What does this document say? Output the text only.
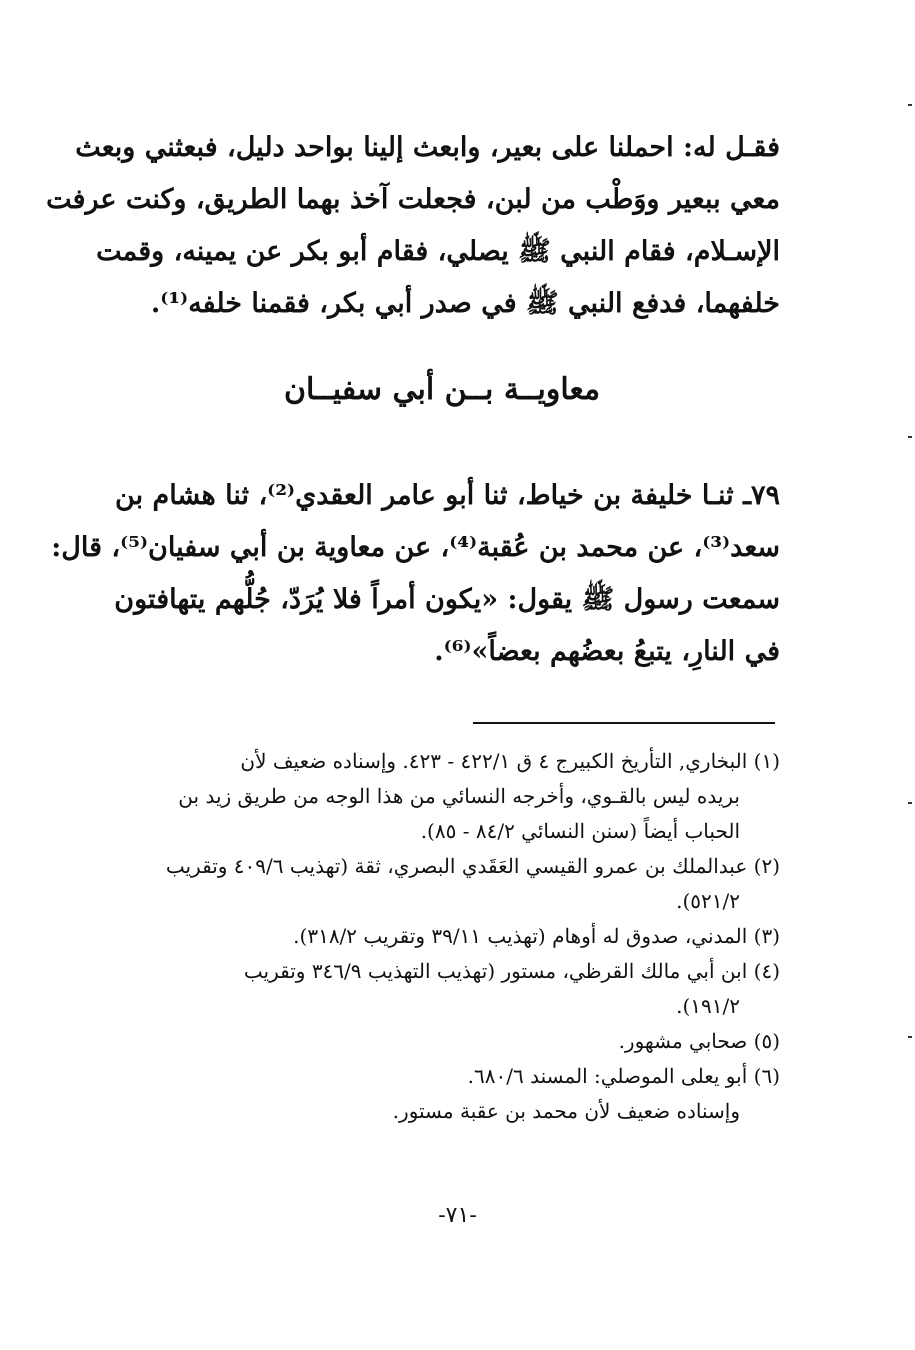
فقـل له: احملنا على بعير، وابعث إلينا بواحد دليل، فبعثني وبعث
معي ببعير ووَطْب من لبن، فجعلت آخذ بهما الطريق، وكنت عرفت
الإسـلام، فقام النبي ﷺ يصلي، فقام أبو بكر عن يمينه، وقمت
خلفهما، فدفع النبي ﷺ في صدر أبي بكر، فقمنا خلفه⁽¹⁾.
معاويــة بــن أبي سفيــان
٧٩ـ ثنـا خليفة بن خياط، ثنا أبو عامر العقدي⁽²⁾، ثنا هشام بن
سعد⁽³⁾، عن محمد بن عُقبة⁽⁴⁾، عن معاوية بن أبي سفيان⁽⁵⁾، قال:
سمعت رسول ﷺ يقول: «يكون أمراً فلا يُرَدّ، جُلُّهم يتهافتون
في النارِ، يتبعُ بعضُهم بعضاً»⁽⁶⁾.
(١) البخاري, التأريخ الكبيرج ٤ ق ٤٢٢/١ - ٤٢٣. وإسناده ضعيف لأن
بريده ليس بالقـوي، وأخرجه النسائي من هذا الوجه من طريق زيد بن
الحباب أيضاً (سنن النسائي ٨٤/٢ - ٨٥).
(٢) عبدالملك بن عمرو القيسي العَقَدي البصري، ثقة (تهذيب ٤٠٩/٦ وتقريب
٥٢١/٢).
(٣) المدني، صدوق له أوهام (تهذيب ٣٩/١١ وتقريب ٣١٨/٢).
(٤) ابن أبي مالك القرظي، مستور (تهذيب التهذيب ٣٤٦/٩ وتقريب
١٩١/٢).
(٥) صحابي مشهور.
(٦) أبو يعلى الموصلي: المسند ٦٨٠/٦.
وإسناده ضعيف لأن محمد بن عقبة مستور.
-٧١-
